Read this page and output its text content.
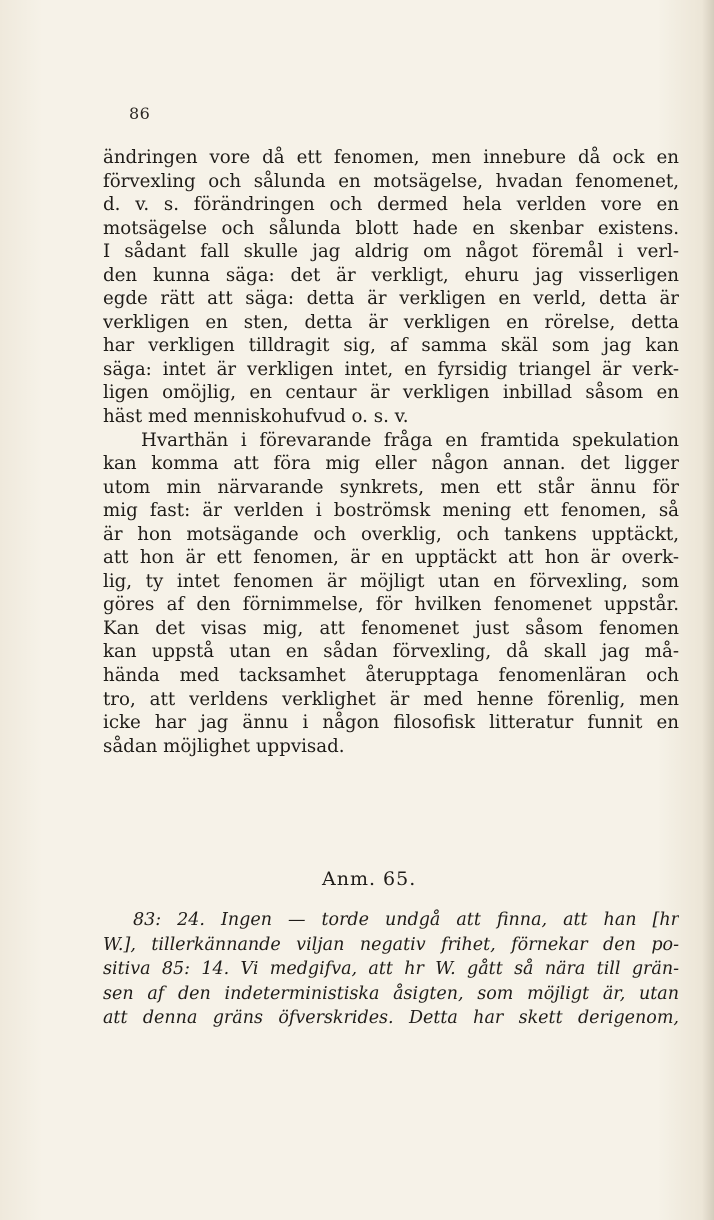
86
ändringen vore då ett fenomen, men innebure då ock en
förvexling och sålunda en motsägelse, hvadan fenomenet,
d. v. s. förändringen och dermed hela verlden vore en
motsägelse och sålunda blott hade en skenbar existens.
I sådant fall skulle jag aldrig om något föremål i verl-
den kunna säga: det är verkligt, ehuru jag visserligen
egde rätt att säga: detta är verkligen en verld, detta är
verkligen en sten, detta är verkligen en rörelse, detta
har verkligen tilldragit sig, af samma skäl som jag kan
säga: intet är verkligen intet, en fyrsidig triangel är verk-
ligen omöjlig, en centaur är verkligen inbillad såsom en
häst med menniskohufvud o. s. v.
Hvarthän i förevarande fråga en framtida spekulation
kan komma att föra mig eller någon annan. det ligger
utom min närvarande synkrets, men ett står ännu för
mig fast: är verlden i boströmsk mening ett fenomen, så
är hon motsägande och overklig, och tankens upptäckt,
att hon är ett fenomen, är en upptäckt att hon är overk-
lig, ty intet fenomen är möjligt utan en förvexling, som
göres af den förnimmelse, för hvilken fenomenet uppstår.
Kan det visas mig, att fenomenet just såsom fenomen
kan uppstå utan en sådan förvexling, då skall jag må-
hända med tacksamhet återupptaga fenomenläran och
tro, att verldens verklighet är med henne förenlig, men
icke har jag ännu i någon filosofisk litteratur funnit en
sådan möjlighet uppvisad.
Anm. 65.
83: 24. Ingen — torde undgå att finna, att han [hr
W.], tillerkännande viljan negativ frihet, förnekar den po-
sitiva 85: 14. Vi medgifva, att hr W. gått så nära till grän-
sen af den indeterministiska åsigten, som möjligt är, utan
att denna gräns öfverskrides. Detta har skett derigenom,
